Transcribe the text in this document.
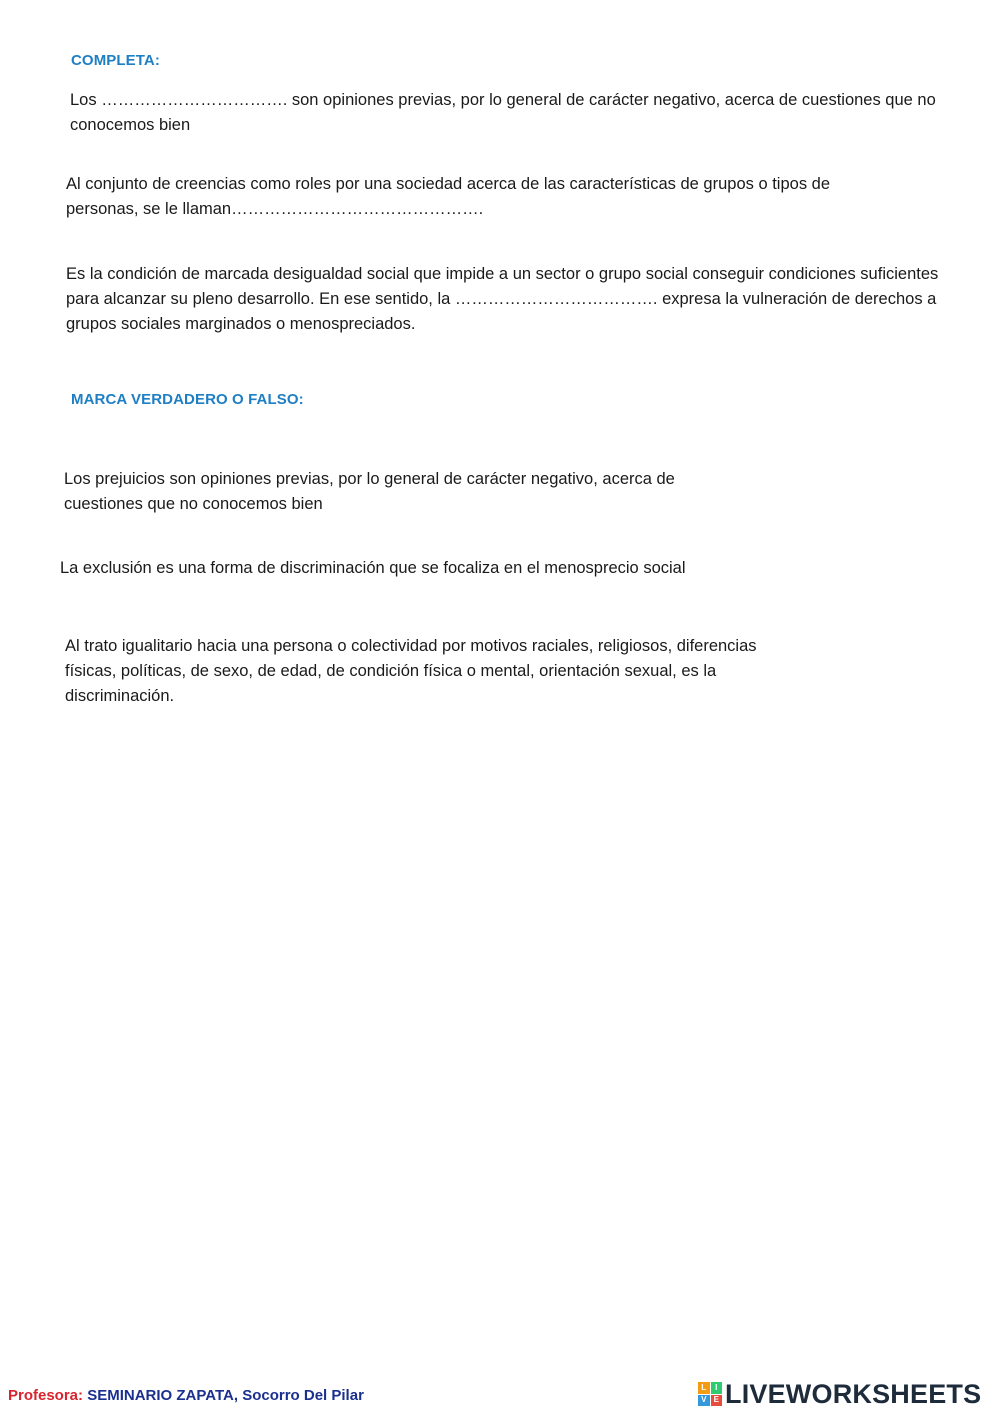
COMPLETA:

Los ……………………………. son opiniones previas, por lo general de carácter negativo, acerca de cuestiones que no conocemos bien

Al conjunto de creencias como roles por una sociedad acerca de las características de grupos o tipos de personas, se le llaman……………………………………….

Es la condición de marcada desigualdad social que impide a un sector o grupo social conseguir condiciones suficientes para alcanzar su pleno desarrollo. En ese sentido, la ………………………………. expresa la vulneración de derechos a grupos sociales marginados o menospreciados.

MARCA VERDADERO O FALSO:

Los prejuicios son opiniones previas, por lo general de carácter negativo, acerca de cuestiones que no conocemos bien

La exclusión es una forma de discriminación que se focaliza en el menosprecio social

Al trato igualitario hacia una persona o colectividad por motivos raciales, religiosos, diferencias físicas, políticas, de sexo, de edad, de condición física o mental, orientación sexual, es la discriminación.

Profesora: SEMINARIO ZAPATA, Socorro Del Pilar	L	I
V E LIVEWORKSHEETS
